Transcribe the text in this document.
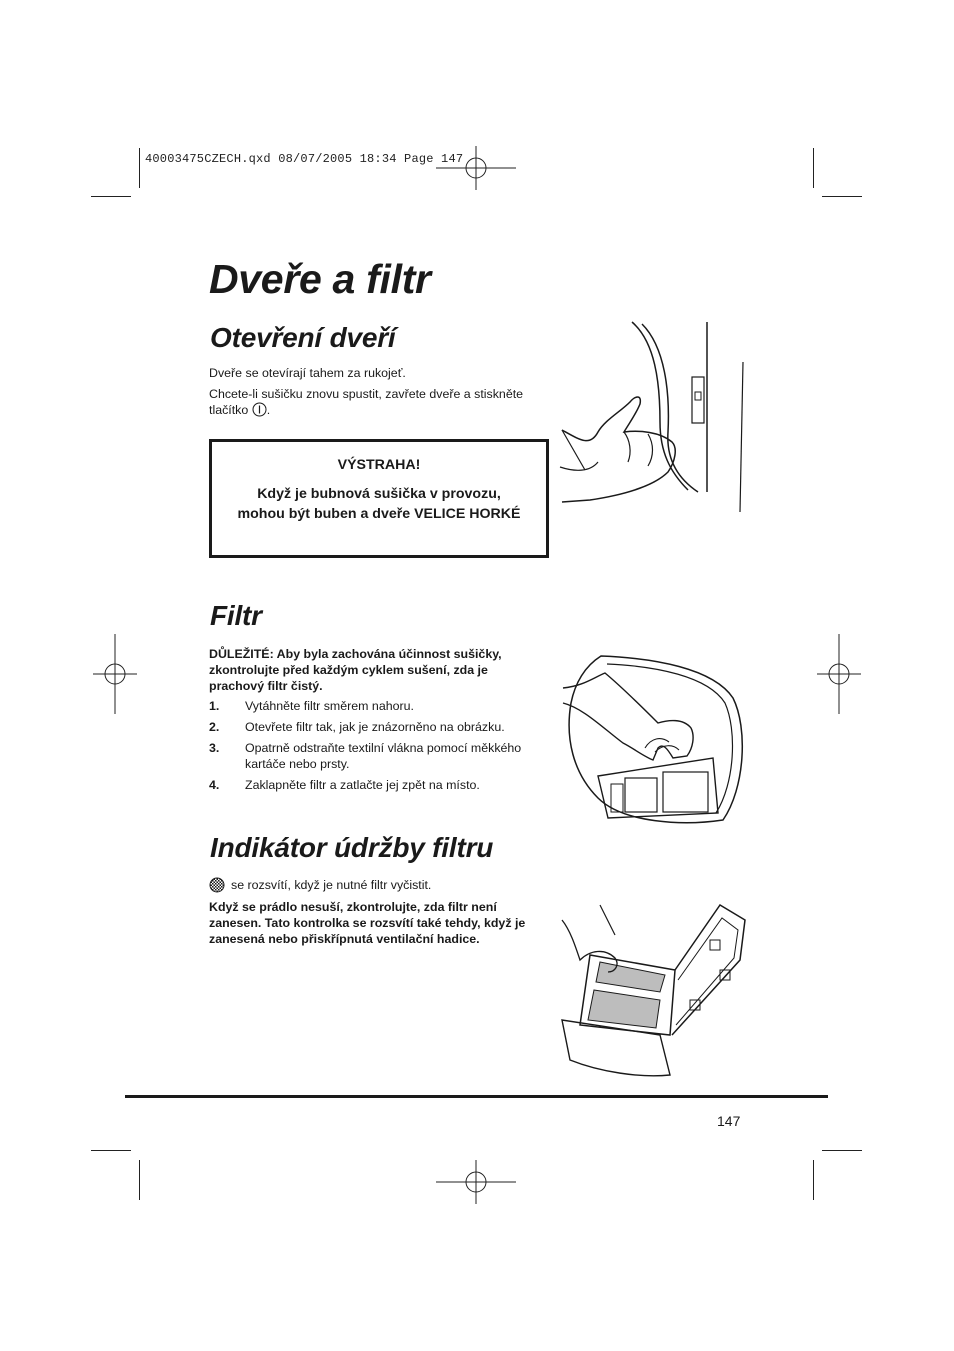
40003475CZECH.qxd 08/07/2005 18:34 Page 147
Dveře a filtr
Otevření dveří

Dveře se otevírají tahem za rukojeť.

Chcete-li sušičku znovu spustit, zavřete dveře a stiskněte tlačítko .

VÝSTRAHA!
Když je bubnová sušička v provozu, mohou být buben a dveře VELICE HORKÉ
Filtr

DŮLEŽITÉ: Aby byla zachována účinnost sušičky, zkontrolujte před každým cyklem sušení, zda je prachový filtr čistý.

1.	Vytáhněte filtr směrem nahoru.
2.	Otevřete filtr tak, jak je znázorněno na obrázku.
3.	Opatrně odstraňte textilní vlákna pomocí měkkého kartáče nebo prsty.
4.	Zaklapněte filtr a zatlačte jej zpět na místo.
Indikátor údržby filtru

se rozsvítí, když je nutné filtr vyčistit.

Když se prádlo nesuší, zkontrolujte, zda filtr není zanesen. Tato kontrolka se rozsvítí také tehdy, když je zanesená nebo přiskřípnutá ventilační hadice.

147
